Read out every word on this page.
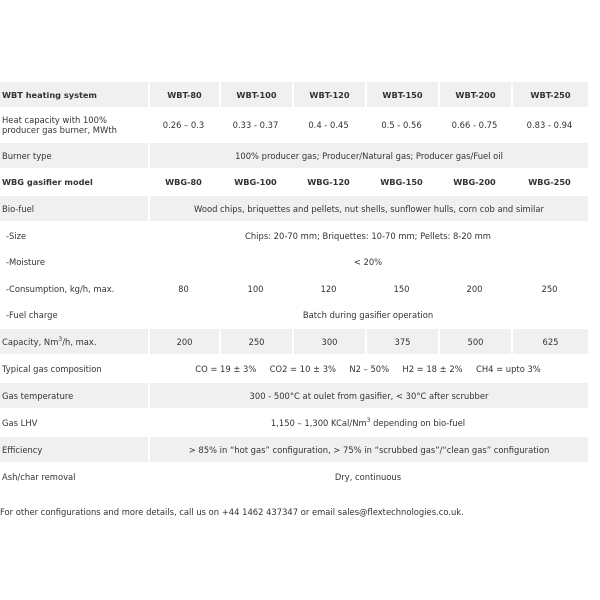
WBT heating system	WBT-80	WBT-100	WBT-120	WBT-150	WBT-200	WBT-250
Heat capacity with 100% producer gas burner, MWth	0.26 – 0.3	0.33 - 0.37	0.4 - 0.45	0.5 - 0.56	0.66 - 0.75	0.83 - 0.94
Burner type	100% producer gas; Producer/Natural gas; Producer gas/Fuel oil					
WBG gasifier model	WBG-80	WBG-100	WBG-120	WBG-150	WBG-200	WBG-250
Bio-fuel	Wood chips, briquettes and pellets, nut shells, sunflower hulls, corn cob and similar					
-Size	Chips: 20-70 mm; Briquettes: 10-70 mm; Pellets: 8-20 mm					
-Moisture	< 20%					
-Consumption, kg/h, max.	80	100	120	150	200	250
-Fuel charge	Batch during gasifier operation					
Capacity, Nm$^3$/h, max.	200	250	300	375	500	625
Typical gas composition	CO = 19 ± 3% CO2 = 10 ± 3% N2 – 50% H2 = 18 ± 2% CH4 = upto 3%					
Gas temperature	300 - 500°C at oulet from gasifier, < 30°C after scrubber					
Gas LHV	1,150 – 1,300 KCal/Nm$^3$ depending on bio-fuel					
Efficiency	> 85% in “hot gas” configuration, > 75% in “scrubbed gas”/“clean gas” configuration					
Ash/char removal	Dry, continuous					
For other configurations and more details, call us on +44 1462 437347 or email sales@flextechnologies.co.uk.
